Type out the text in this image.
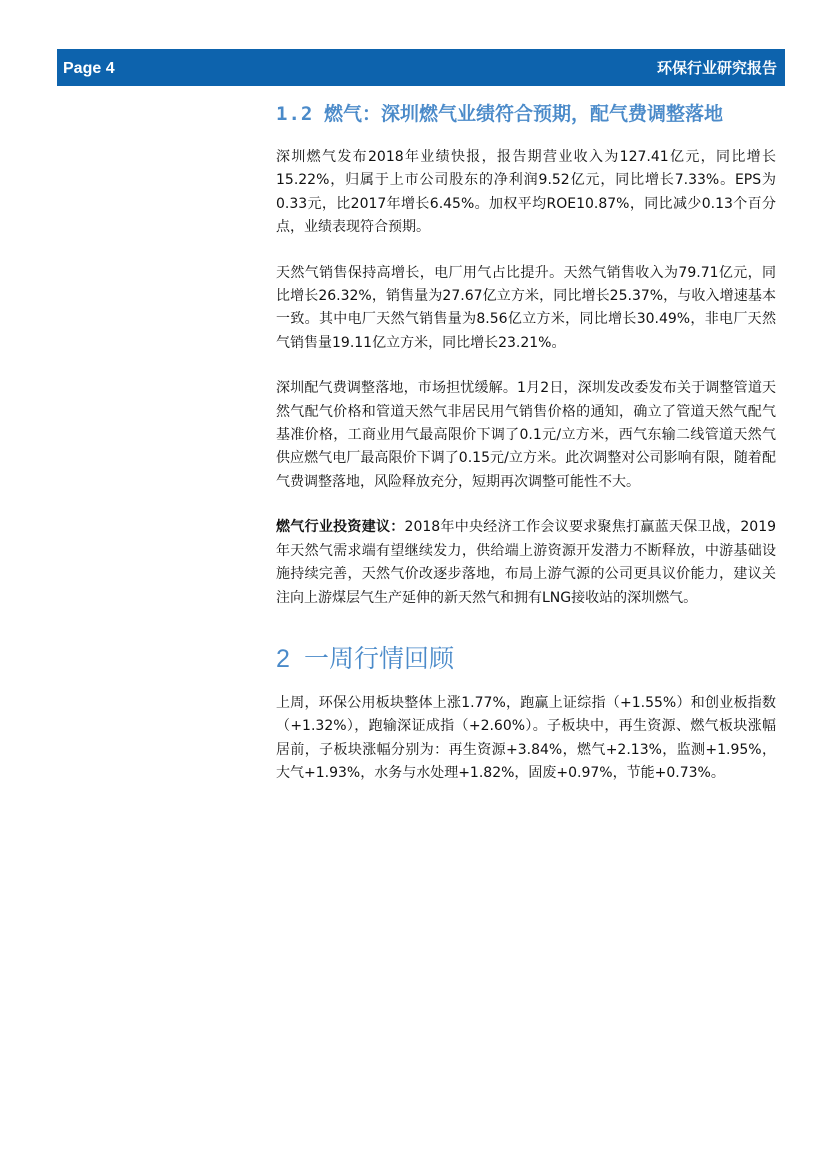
Page 4	环保行业研究报告
1.2 燃气：深圳燃气业绩符合预期，配气费调整落地

深圳燃气发布2018年业绩快报，报告期营业收入为127.41亿元，同比增长15.22%，归属于上市公司股东的净利润9.52亿元，同比增长7.33%。EPS为0.33元，比2017年增长6.45%。加权平均ROE10.87%，同比减少0.13个百分点，业绩表现符合预期。

天然气销售保持高增长，电厂用气占比提升。天然气销售收入为79.71亿元，同比增长26.32%，销售量为27.67亿立方米，同比增长25.37%，与收入增速基本一致。其中电厂天然气销售量为8.56亿立方米，同比增长30.49%，非电厂天然气销售量19.11亿立方米，同比增长23.21%。

深圳配气费调整落地，市场担忧缓解。1月2日，深圳发改委发布关于调整管道天然气配气价格和管道天然气非居民用气销售价格的通知，确立了管道天然气配气基准价格，工商业用气最高限价下调了0.1元/立方米，西气东输二线管道天然气供应燃气电厂最高限价下调了0.15元/立方米。此次调整对公司影响有限，随着配气费调整落地，风险释放充分，短期再次调整可能性不大。

燃气行业投资建议：2018年中央经济工作会议要求聚焦打赢蓝天保卫战，2019年天然气需求端有望继续发力，供给端上游资源开发潜力不断释放，中游基础设施持续完善，天然气价改逐步落地，布局上游气源的公司更具议价能力，建议关注向上游煤层气生产延伸的新天然气和拥有LNG接收站的深圳燃气。

2 一周行情回顾

上周，环保公用板块整体上涨1.77%，跑赢上证综指（+1.55%）和创业板指数（+1.32%），跑输深证成指（+2.60%）。子板块中，再生资源、燃气板块涨幅居前，子板块涨幅分别为：再生资源+3.84%，燃气+2.13%，监测+1.95%，大气+1.93%，水务与水处理+1.82%，固废+0.97%，节能+0.73%。
